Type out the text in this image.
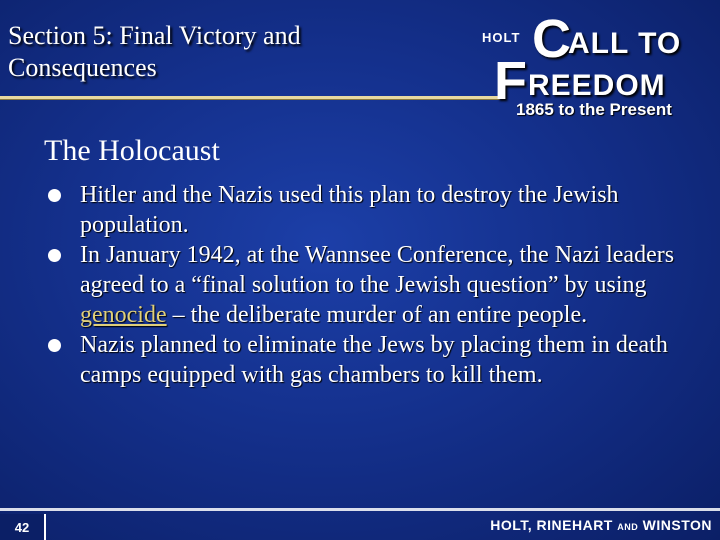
Section 5: Final Victory and Consequences
HOLT C
ALL TO
F REEDOM
1865 to the Present
The Holocaust
Hitler and the Nazis used this plan to destroy the Jewish population.
In January 1942, at the Wannsee Conference, the Nazi leaders agreed to a “final solution to the Jewish question” by using genocide – the deliberate murder of an entire people.
Nazis planned to eliminate the Jews by placing them in death camps equipped with gas chambers to kill them.
42	HOLT, RINEHART AND WINSTON
